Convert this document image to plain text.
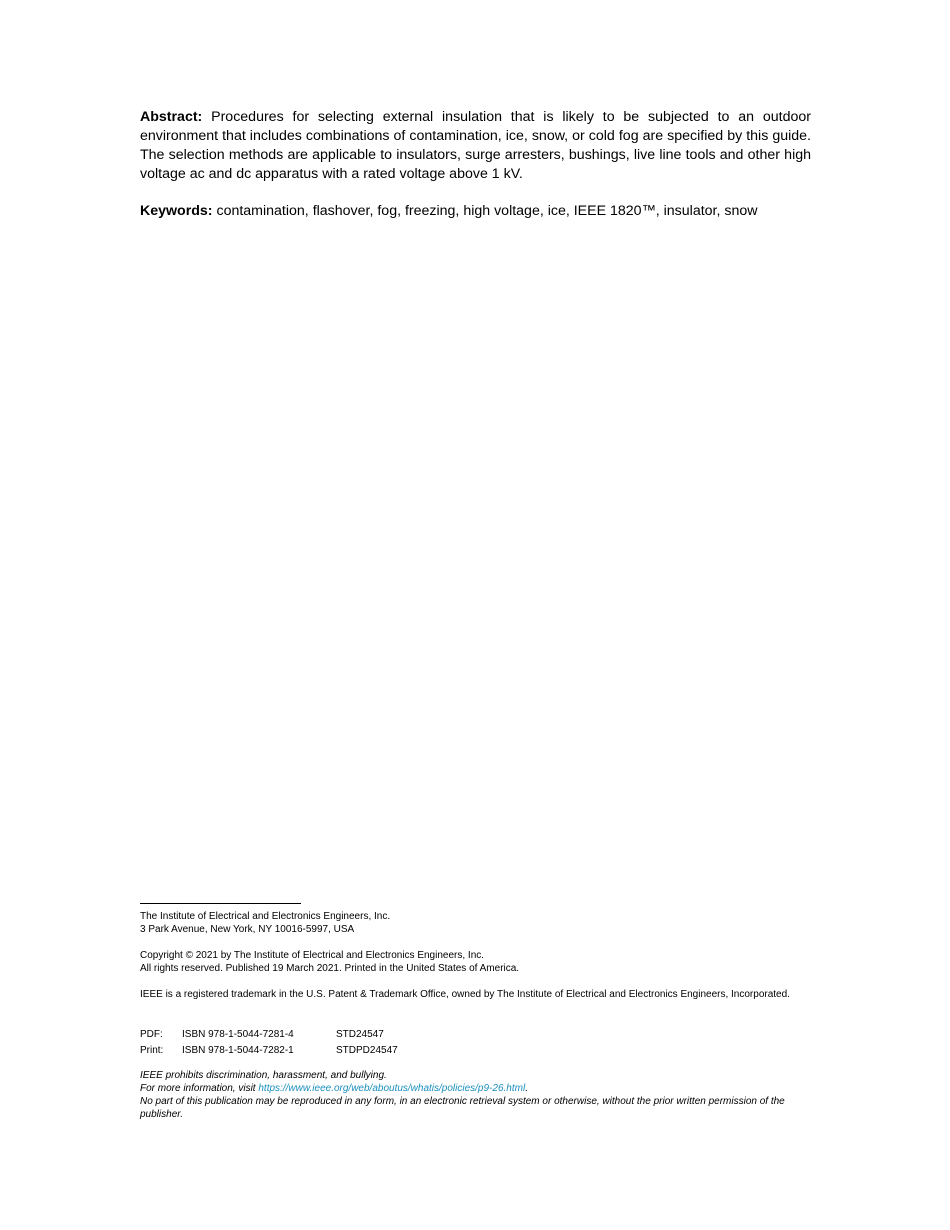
Abstract: Procedures for selecting external insulation that is likely to be subjected to an outdoor environment that includes combinations of contamination, ice, snow, or cold fog are specified by this guide. The selection methods are applicable to insulators, surge arresters, bushings, live line tools and other high voltage ac and dc apparatus with a rated voltage above 1 kV.

Keywords: contamination, flashover, fog, freezing, high voltage, ice, IEEE 1820™, insulator, snow

The Institute of Electrical and Electronics Engineers, Inc.
3 Park Avenue, New York, NY 10016-5997, USA
Copyright © 2021 by The Institute of Electrical and Electronics Engineers, Inc.
All rights reserved. Published 19 March 2021. Printed in the United States of America.
IEEE is a registered trademark in the U.S. Patent & Trademark Office, owned by The Institute of Electrical and Electronics Engineers, Incorporated.
PDF:	ISBN 978-1-5044-7281-4	STD24547
Print:	ISBN 978-1-5044-7282-1	STDPD24547
IEEE prohibits discrimination, harassment, and bullying.
For more information, visit https://www.ieee.org/web/aboutus/whatis/policies/p9-26.html.
No part of this publication may be reproduced in any form, in an electronic retrieval system or otherwise, without the prior written permission of the publisher.
